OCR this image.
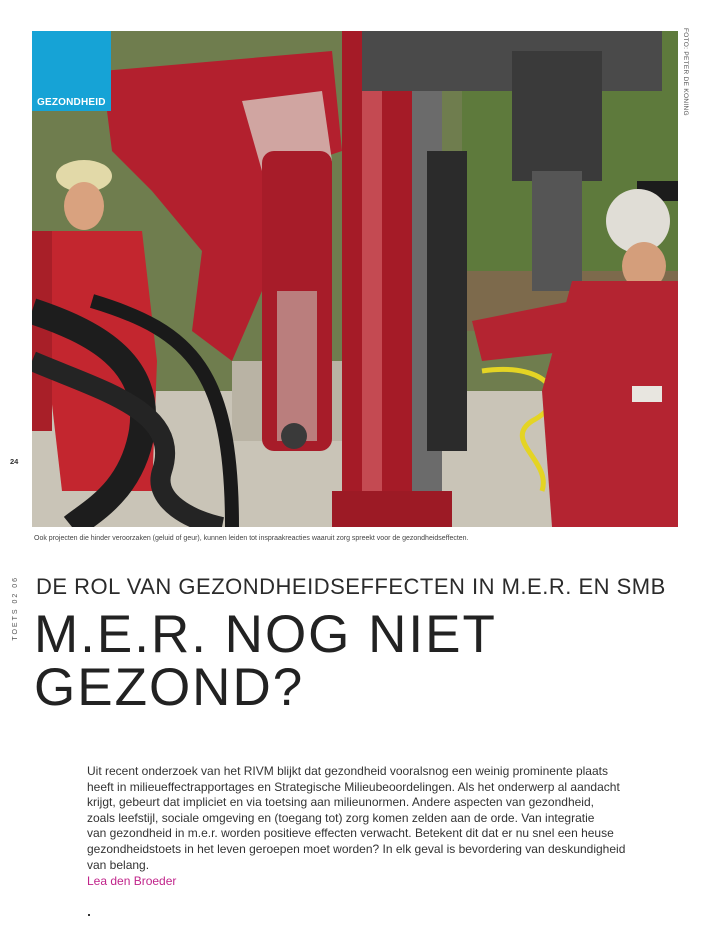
GEZONDHEID	FOTO: PETER DE KONING
24
Ook projecten die hinder veroorzaken (geluid of geur), kunnen leiden tot inspraakreacties waaruit zorg spreekt voor de gezondheidseffecten.
TOETS 02 06 DE ROL VAN GEZONDHEIDSEFFECTEN IN M.E.R. EN SMB
M.E.R. NOG NIET
GEZOND?
Uit recent onderzoek van het RIVM blijkt dat gezondheid vooralsnog een weinig prominente plaats
heeft in milieueffectrapportages en Strategische Milieubeoordelingen. Als het onderwerp al aandacht
krijgt, gebeurt dat impliciet en via toetsing aan milieunormen. Andere aspecten van gezondheid,
zoals leefstijl, sociale omgeving en (toegang tot) zorg komen zelden aan de orde. Van integratie
van gezondheid in m.e.r. worden positieve effecten verwacht. Betekent dit dat er nu snel een heuse
gezondheidstoets in het leven geroepen moet worden? In elk geval is bevordering van deskundigheid
van belang.
Lea den Broeder
